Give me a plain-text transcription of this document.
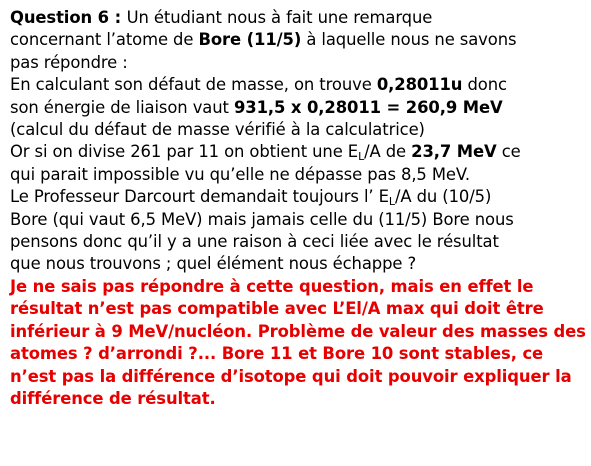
Question 6 : Un étudiant nous à fait une remarque
concernant l’atome de Bore (11/5) à laquelle nous ne savons
pas répondre :
En calculant son défaut de masse, on trouve 0,28011u donc
son énergie de liaison vaut 931,5 x 0,28011 = 260,9 MeV
(calcul du défaut de masse vérifié à la calculatrice)
Or si on divise 261 par 11 on obtient une $E_L/A$ de 23,7 MeV ce
qui parait impossible vu qu’elle ne dépasse pas 8,5 MeV.
Le Professeur Darcourt demandait toujours l’ $E_L/A$ du (10/5)
Bore (qui vaut 6,5 MeV) mais jamais celle du (11/5) Bore nous
pensons donc qu’il y a une raison à ceci liée avec le résultat
que nous trouvons ; quel élément nous échappe ?
Je ne sais pas répondre à cette question, mais en effet le
résultat n’est pas compatible avec L’El/A max qui doit être
inférieur à 9 MeV/nucléon. Problème de valeur des masses des
atomes ? d’arrondi ?... Bore 11 et Bore 10 sont stables, ce
n’est pas la différence d’isotope qui doit pouvoir expliquer la
différence de résultat.
